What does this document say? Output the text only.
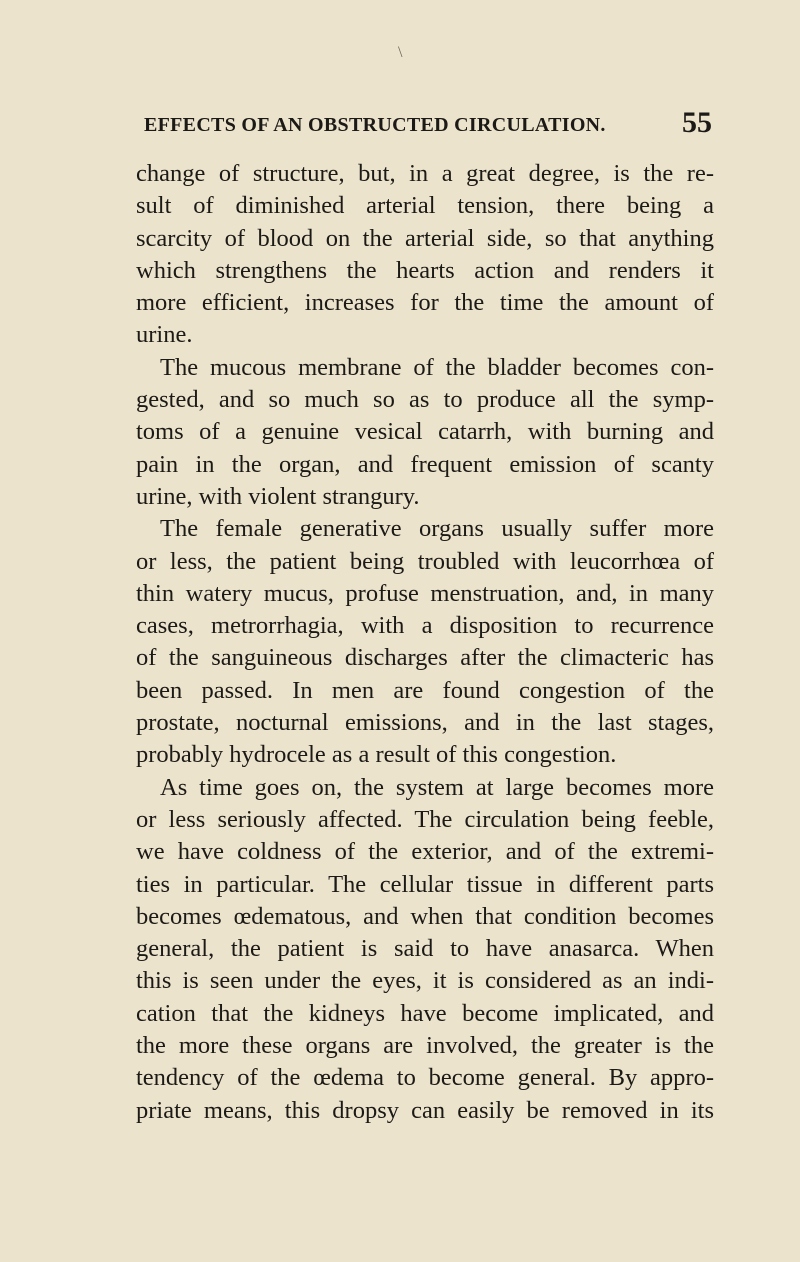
\
EFFECTS OF AN OBSTRUCTED CIRCULATION.	55
change of structure, but, in a great degree, is the re-
sult of diminished arterial tension, there being a
scarcity of blood on the arterial side, so that anything
which strengthens the hearts action and renders it
more efficient, increases for the time the amount of
urine.
The mucous membrane of the bladder becomes con-
gested, and so much so as to produce all the symp-
toms of a genuine vesical catarrh, with burning and
pain in the organ, and frequent emission of scanty
urine, with violent strangury.
The female generative organs usually suffer more
or less, the patient being troubled with leucorrhœa of
thin watery mucus, profuse menstruation, and, in many
cases, metrorrhagia, with a disposition to recurrence
of the sanguineous discharges after the climacteric has
been passed. In men are found congestion of the
prostate, nocturnal emissions, and in the last stages,
probably hydrocele as a result of this congestion.
As time goes on, the system at large becomes more
or less seriously affected. The circulation being feeble,
we have coldness of the exterior, and of the extremi-
ties in particular. The cellular tissue in different parts
becomes œdematous, and when that condition becomes
general, the patient is said to have anasarca. When
this is seen under the eyes, it is considered as an indi-
cation that the kidneys have become implicated, and
the more these organs are involved, the greater is the
tendency of the œdema to become general. By appro-
priate means, this dropsy can easily be removed in its
